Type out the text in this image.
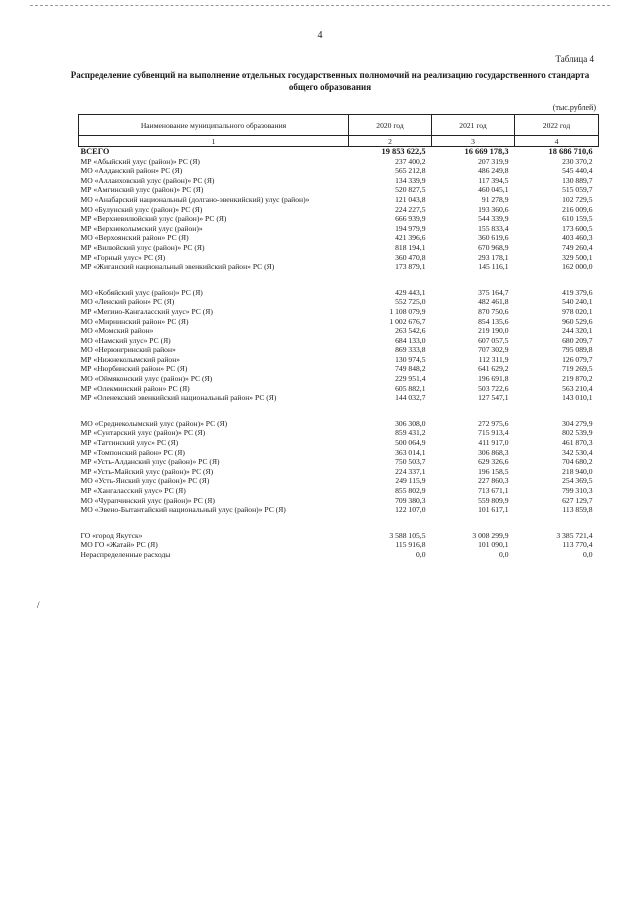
4
Таблица 4
Распределение субвенций на выполнение отдельных государственных полномочий на реализацию государственного стандарта общего образования
(тыс.рублей)
/
Наименование муниципального образования	2020 год	2021 год	2022 год
1	2	3	4
ВСЕГО	19 853 622,5	16 669 178,3	18 686 710,6
МР «Абыйский улус (район)» РС (Я)	237 400,2	207 319,9	230 370,2
МО «Алданский район» РС (Я)	565 212,8	486 249,8	545 440,4
МО «Аллаиховский улус (район)» РС (Я)	134 339,9	117 394,5	130 889,7
МР «Амгинский улус (район)» РС (Я)	520 827,5	460 045,1	515 059,7
МО «Анабарский национальный (долгано-эвенкийский) улус (район)»	121 043,8	91 278,9	102 729,5
МО «Булунский улус (район)» РС (Я)	224 227,5	193 360,6	216 009,6
МР «Верхневилюйский улус (район)» РС (Я)	666 939,9	544 339,9	610 159,5
МР «Верхнеколымский улус (район)»	194 979,9	155 833,4	173 600,5
МО «Верхоянский район» РС (Я)	421 396,6	360 619,6	403 460,3
МР «Вилюйский улус (район)» РС (Я)	818 194,1	670 968,9	749 260,4
МР «Горный улус» РС (Я)	360 470,8	293 178,1	329 500,1
МР «Жиганский национальный эвенкийский район» РС (Я)	173 879,1	145 116,1	162 000,0

МО «Кобяйский улус (район)» РС (Я)	429 443,1	375 164,7	419 379,6
МО «Ленский район» РС (Я)	552 725,0	482 461,8	540 240,1
МР «Мегино-Кангаласский улус» РС (Я)	1 108 079,9	870 750,6	978 020,1
МО «Мирнинский район» РС (Я)	1 002 676,7	854 135,6	960 529,6
МО «Момский район»	263 542,6	219 190,0	244 320,1
МО «Намский улус» РС (Я)	684 133,0	607 057,5	680 209,7
МО «Нерюнгринский район»	869 333,8	707 302,9	795 089,8
МР «Нижнеколымский район»	130 974,5	112 311,9	126 079,7
МР «Нюрбинский район» РС (Я)	749 848,2	641 629,2	719 269,5
МО «Оймяконский улус (район)» РС (Я)	229 951,4	196 691,8	219 870,2
МР «Олекминский район» РС (Я)	605 882,1	503 722,6	563 210,4
МР «Оленекский эвенкийский национальный район» РС (Я)	144 032,7	127 547,1	143 010,1

МО «Среднеколымский улус (район)» РС (Я)	306 308,0	272 975,6	304 279,9
МР «Сунтарский улус (район)» РС (Я)	859 431,2	715 913,4	802 539,9
МР «Таттинский улус» РС (Я)	500 064,9	411 917,0	461 870,3
МР «Томпонский район» РС (Я)	363 014,1	306 868,3	342 530,4
МР «Усть-Алданский улус (район)» РС (Я)	750 503,7	629 326,6	704 680,2
МР «Усть-Майский улус (район)» РС (Я)	224 337,1	196 158,5	218 940,0
МО «Усть-Янский улус (район)» РС (Я)	249 115,9	227 860,3	254 369,5
МР «Хангаласский улус» РС (Я)	855 802,9	713 671,1	799 310,3
МО «Чурапчинский улус (район)» РС (Я)	709 380,3	559 809,9	627 129,7
МО «Эвено-Бытантайский национальный улус (район)» РС (Я)	122 107,0	101 617,1	113 859,8

ГО «город Якутск»	3 588 105,5	3 008 299,9	3 385 721,4
МО ГО «Жатай» РС (Я)	115 916,8	101 090,1	113 770,4
Нераспределенные расходы	0,0	0,0	0,0
